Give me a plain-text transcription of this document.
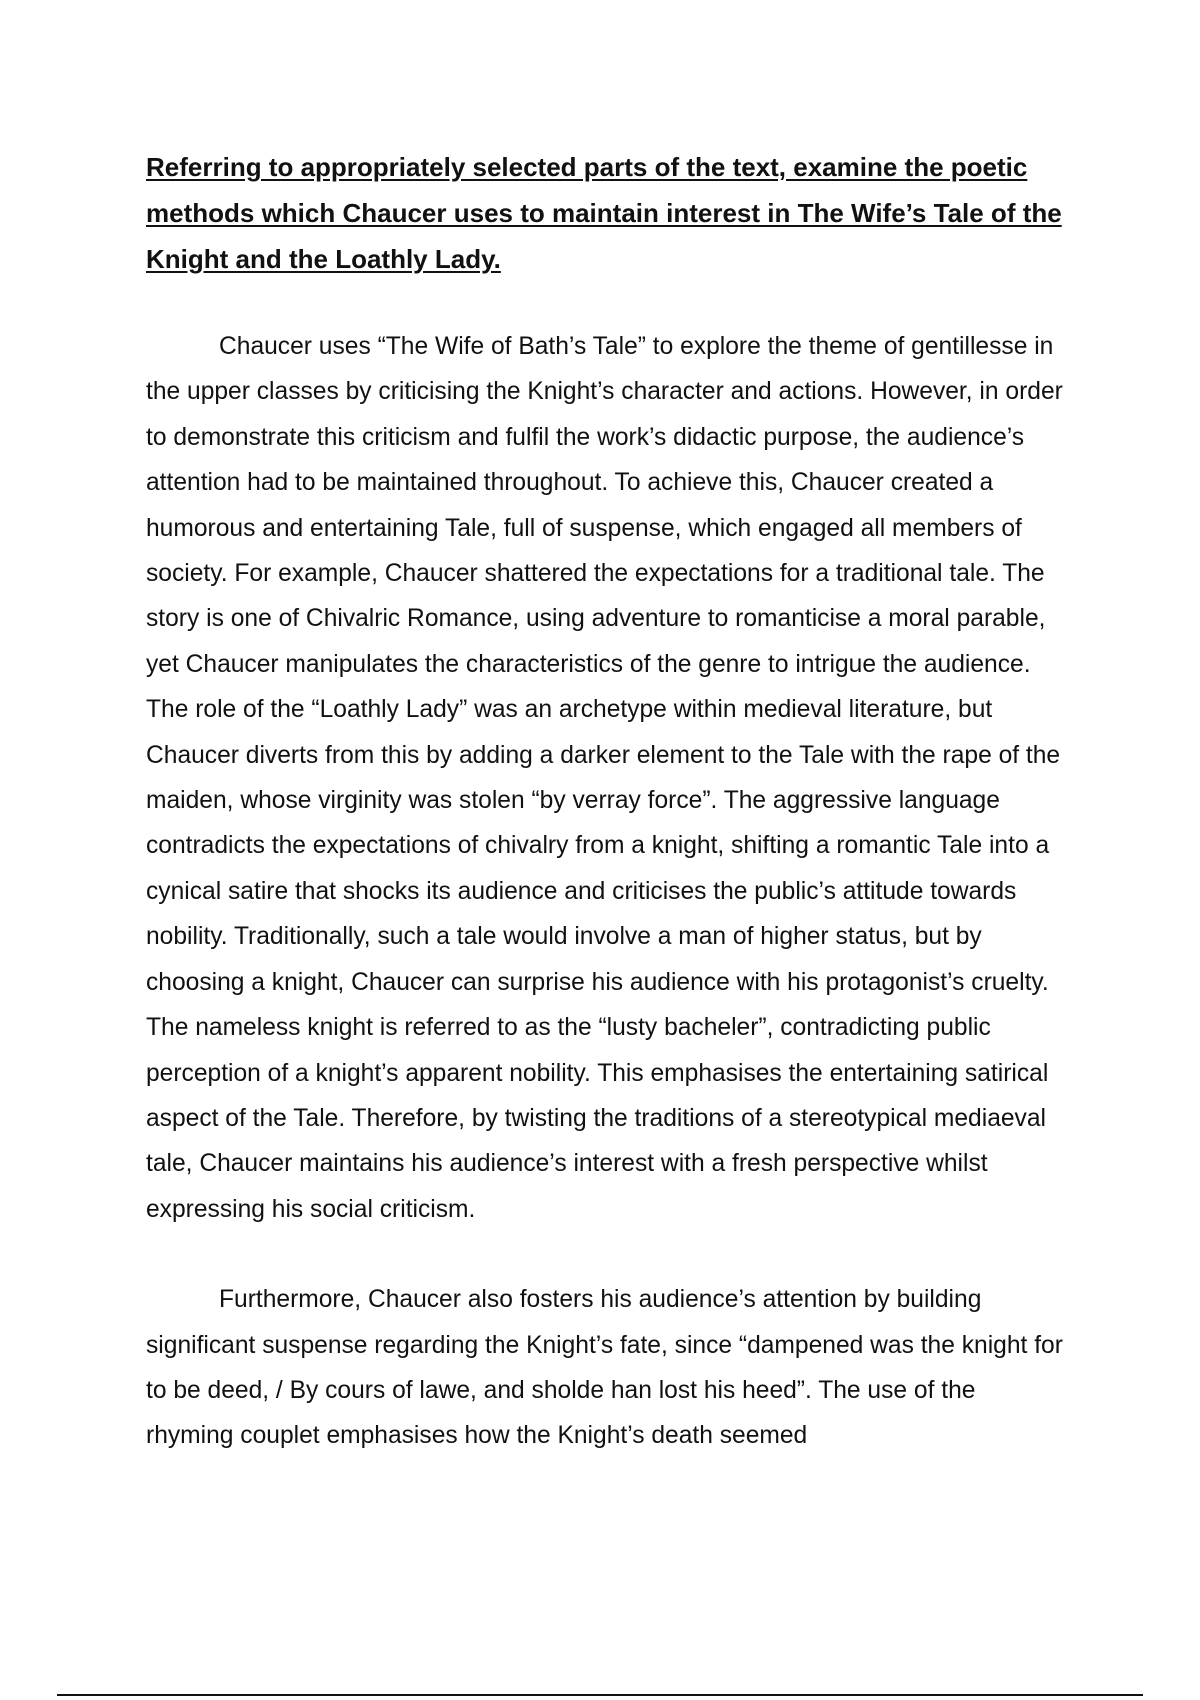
Referring to appropriately selected parts of the text, examine the poetic methods which Chaucer uses to maintain interest in The Wife’s Tale of the Knight and the Loathly Lady.
Chaucer uses “The Wife of Bath’s Tale” to explore the theme of gentillesse in the upper classes by criticising the Knight’s character and actions. However, in order to demonstrate this criticism and fulfil the work’s didactic purpose, the audience’s attention had to be maintained throughout. To achieve this, Chaucer created a humorous and entertaining Tale, full of suspense, which engaged all members of society. For example, Chaucer shattered the expectations for a traditional tale. The story is one of Chivalric Romance, using adventure to romanticise a moral parable, yet Chaucer manipulates the characteristics of the genre to intrigue the audience. The role of the “Loathly Lady” was an archetype within medieval literature, but Chaucer diverts from this by adding a darker element to the Tale with the rape of the maiden, whose virginity was stolen “by verray force”. The aggressive language contradicts the expectations of chivalry from a knight, shifting a romantic Tale into a cynical satire that shocks its audience and criticises the public’s attitude towards nobility. Traditionally, such a tale would involve a man of higher status, but by choosing a knight, Chaucer can surprise his audience with his protagonist’s cruelty. The nameless knight is referred to as the “lusty bacheler”, contradicting public perception of a knight’s apparent nobility. This emphasises the entertaining satirical aspect of the Tale. Therefore, by twisting the traditions of a stereotypical mediaeval tale, Chaucer maintains his audience’s interest with a fresh perspective whilst expressing his social criticism.
Furthermore, Chaucer also fosters his audience’s attention by building significant suspense regarding the Knight’s fate, since “dampened was the knight for to be deed, / By cours of lawe, and sholde han lost his heed”. The use of the rhyming couplet emphasises how the Knight’s death seemed
